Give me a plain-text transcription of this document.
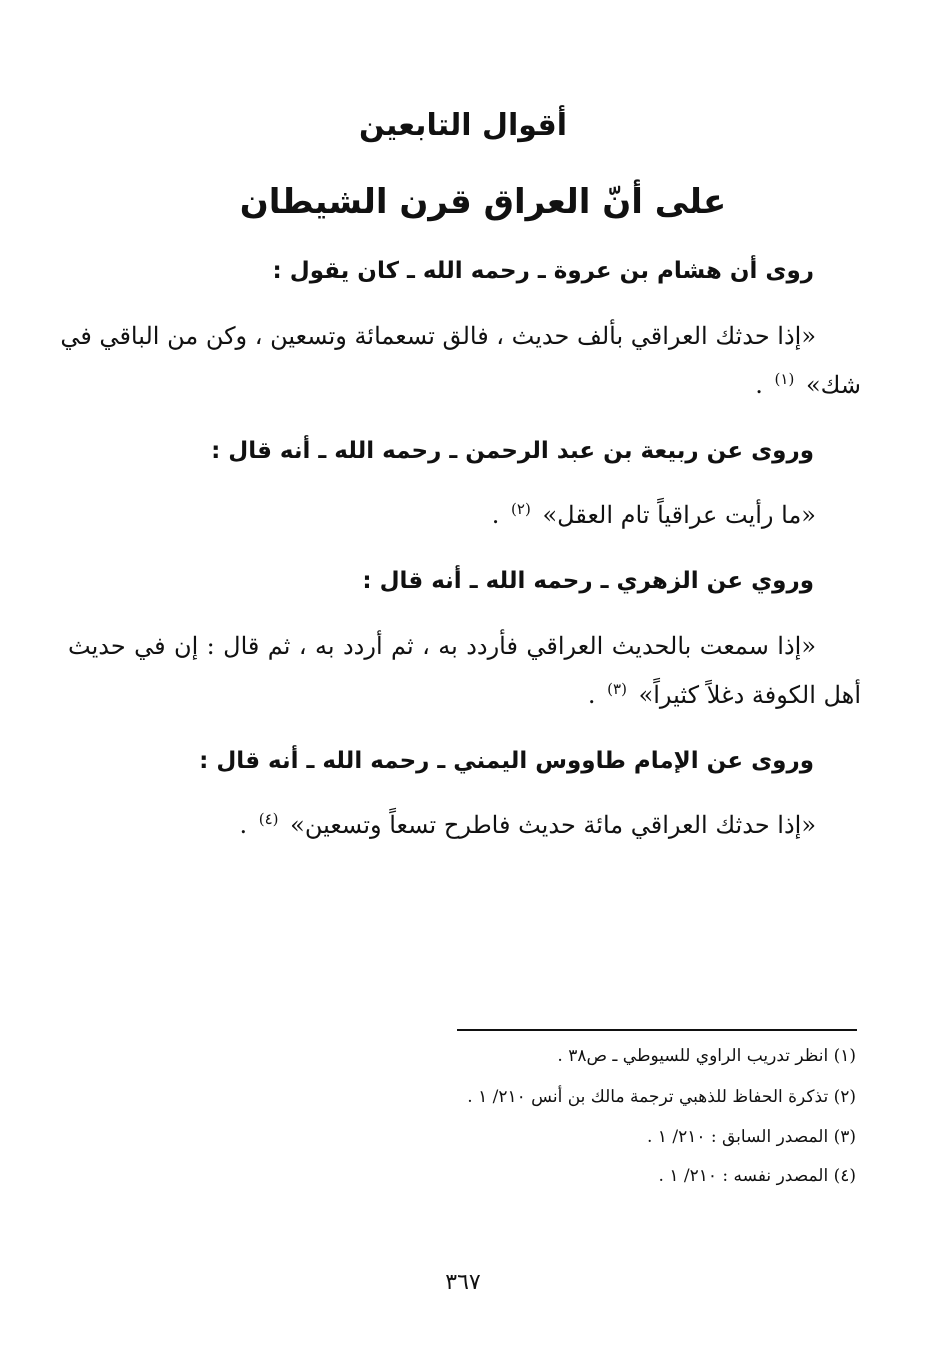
أقوال التابعين
على أنّ العراق قرن الشيطان
روى أن هشام بن عروة ـ رحمه الله ـ كان يقول :
«إذا حدثك العراقي بألف حديث ، فالق تسعمائة وتسعين ، وكن من الباقي في
شك» $^{(١)}$ .
وروى عن ربيعة بن عبد الرحمن ـ رحمه الله ـ أنه قال :
«ما رأيت عراقياً تام العقل» $^{(٢)}$ .
وروي عن الزهري ـ رحمه الله ـ أنه قال :
«إذا سمعت بالحديث العراقي فأردد به ، ثم أردد به ، ثم قال : إن في حديث
أهل الكوفة دغلاً كثيراً» $^{(٣)}$ .
وروى عن الإمام طاووس اليمني ـ رحمه الله ـ أنه قال :
«إذا حدثك العراقي مائة حديث فاطرح تسعاً وتسعين» $^{(٤)}$ .
(١) انظر تدريب الراوي للسيوطي ـ ص٣٨ .
(٢) تذكرة الحفاظ للذهبي ترجمة مالك بن أنس ٢١٠/ ١ .
(٣) المصدر السابق : ٢١٠/ ١ .
(٤) المصدر نفسه : ٢١٠/ ١ .
٣٦٧
